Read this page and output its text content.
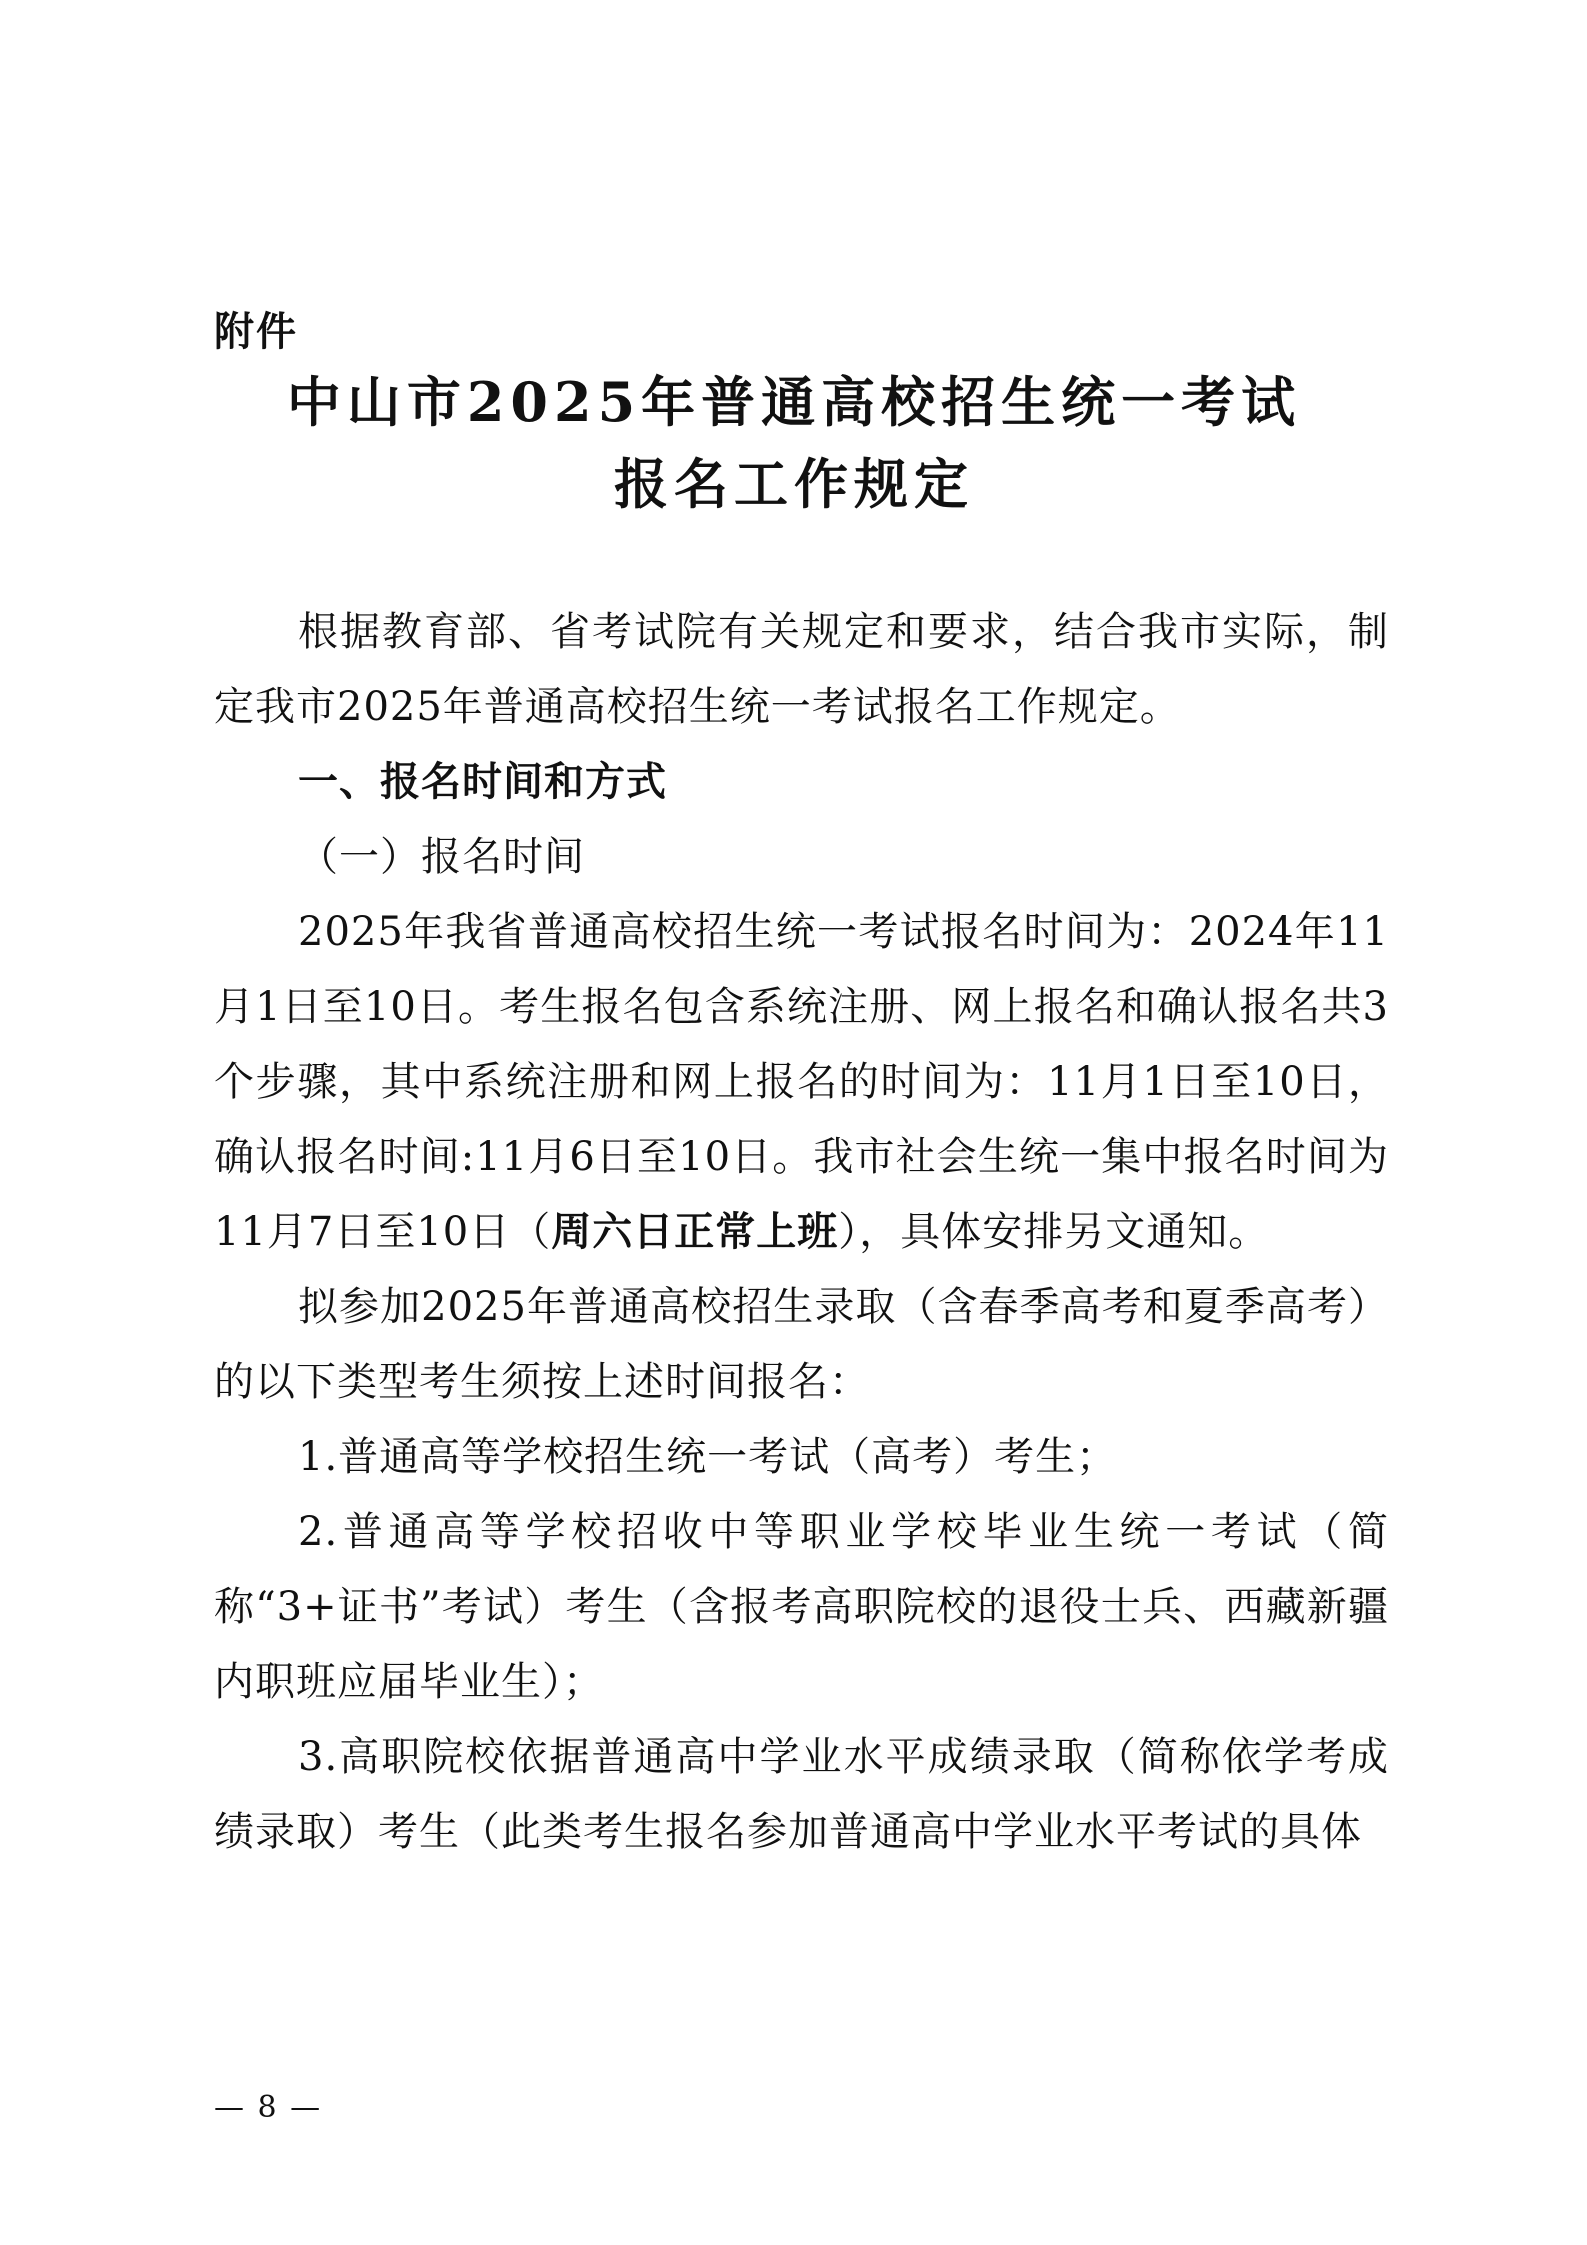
附件
中山市2025年普通高校招生统一考试
报名工作规定

根据教育部、省考试院有关规定和要求，结合我市实际，制定我市2025年普通高校招生统一考试报名工作规定。

一、报名时间和方式

（一）报名时间

2025年我省普通高校招生统一考试报名时间为：2024年11月1日至10日。考生报名包含系统注册、网上报名和确认报名共3个步骤，其中系统注册和网上报名的时间为：11月1日至10日，确认报名时间:11月6日至10日。我市社会生统一集中报名时间为11月7日至10日（周六日正常上班），具体安排另文通知。

拟参加2025年普通高校招生录取（含春季高考和夏季高考）的以下类型考生须按上述时间报名：

1.普通高等学校招生统一考试（高考）考生；

2.普通高等学校招收中等职业学校毕业生统一考试（简称“3+证书”考试）考生（含报考高职院校的退役士兵、西藏新疆内职班应届毕业生）；

3.高职院校依据普通高中学业水平成绩录取（简称依学考成绩录取）考生（此类考生报名参加普通高中学业水平考试的具体

— 8 —
